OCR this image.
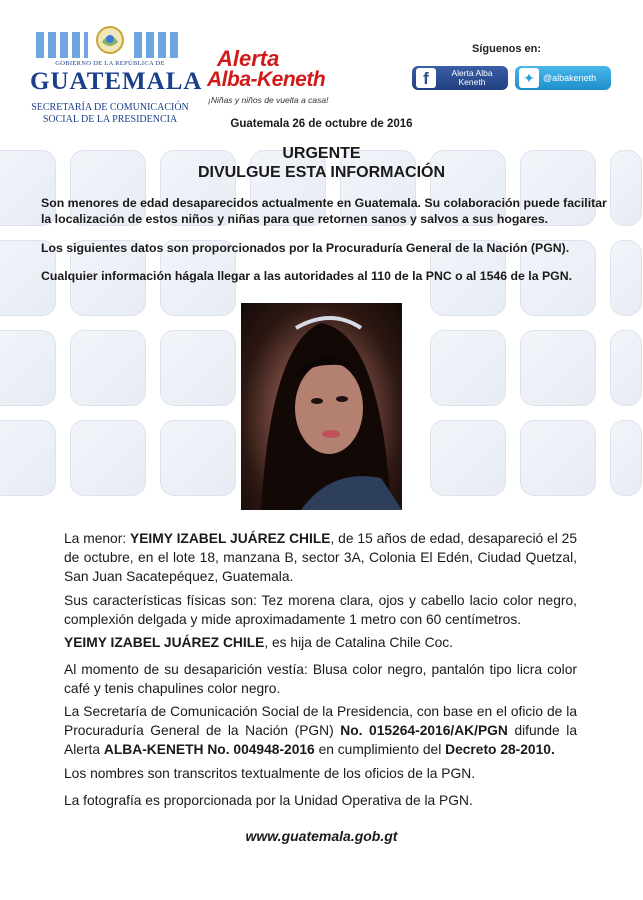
GOBIERNO DE LA REPÚBLICA DE
GUATEMALA
SECRETARÍA DE COMUNICACIÓN
SOCIAL DE LA PRESIDENCIA
Alerta
Alba-Keneth
¡Niñas y niños de vuelta a casa!
Síguenos en:
f	Alerta Alba
Keneth	✦ @albakeneth
Guatemala 26 de octubre de 2016
URGENTE
DIVULGUE ESTA INFORMACIÓN
Son menores de edad desaparecidos actualmente en Guatemala. Su colaboración puede facilitar la localización de estos niños y niñas para que retornen sanos y salvos a sus hogares.
Los siguientes datos son proporcionados por la Procuraduría General de la Nación (PGN).
Cualquier información hágala llegar a las autoridades al 110 de la PNC o al 1546 de la PGN.
La menor: YEIMY IZABEL JUÁREZ CHILE, de 15 años de edad, desapareció el 25 de octubre, en el lote 18, manzana B, sector 3A, Colonia El Edén, Ciudad Quetzal, San Juan Sacatepéquez, Guatemala.
Sus características físicas son: Tez morena clara, ojos y cabello lacio color negro, complexión delgada y mide aproximadamente 1 metro con 60 centímetros.
YEIMY IZABEL JUÁREZ CHILE, es hija de Catalina Chile Coc.
Al momento de su desaparición vestía: Blusa color negro, pantalón tipo licra color café y tenis chapulines color negro.
La Secretaría de Comunicación Social de la Presidencia, con base en el oficio de la Procuraduría General de la Nación (PGN) No. 015264-2016/AK/PGN difunde la Alerta ALBA-KENETH No. 004948-2016 en cumplimiento del Decreto 28-2010.
Los nombres son transcritos textualmente de los oficios de la PGN.
La fotografía es proporcionada por la Unidad Operativa de la PGN.
www.guatemala.gob.gt
